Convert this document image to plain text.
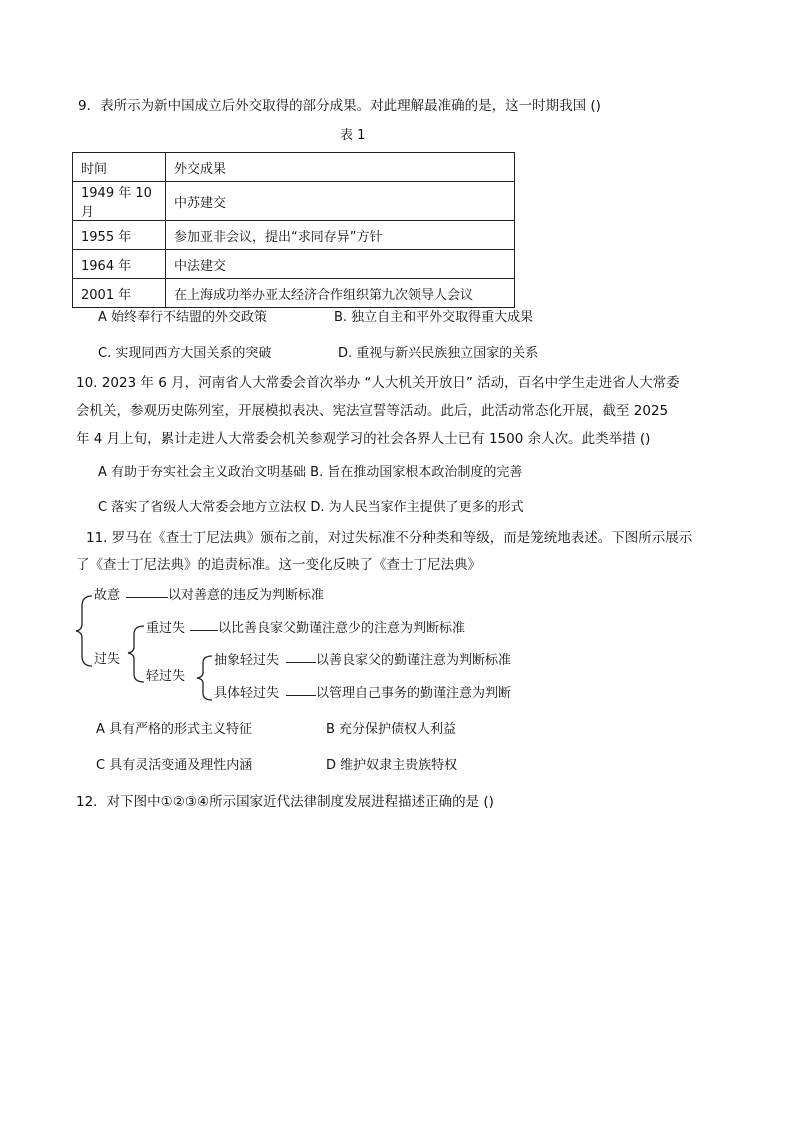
9．表所示为新中国成立后外交取得的部分成果。对此理解最准确的是，这一时期我国 ()
表 1
时间	外交成果
1949 年 10 月	中苏建交
1955 年	参加亚非会议，提出“求同存异”方针
1964 年	中法建交
2001 年	在上海成功举办亚太经济合作组织第九次领导人会议
A 始终奉行不结盟的外交政策	B. 独立自主和平外交取得重大成果
C. 实现同西方大国关系的突破	D. 重视与新兴民族独立国家的关系
10. 2023 年 6 月，河南省人大常委会首次举办 “人大机关开放日” 活动，百名中学生走进省人大常委
会机关，参观历史陈列室，开展模拟表决、宪法宣誓等活动。此后，此活动常态化开展，截至 2025
年 4 月上旬，累计走进人大常委会机关参观学习的社会各界人士已有 1500 余人次。此类举措 ()
A 有助于夯实社会主义政治文明基础 B. 旨在推动国家根本政治制度的完善
C 落实了省级人大常委会地方立法权 D. 为人民当家作主提供了更多的形式
11. 罗马在《查士丁尼法典》颁布之前，对过失标准不分种类和等级，而是笼统地表述。下图所示展示
了《查士丁尼法典》的追责标准。这一变化反映了《查士丁尼法典》
故意	以对善意的违反为判断标准
过失
重过失	以比善良家父勤谨注意少的注意为判断标准
轻过失
抽象轻过失	以善良家父的勤谨注意为判断标准
具体轻过失	以管理自己事务的勤谨注意为判断
A 具有严格的形式主义特征	B 充分保护债权人利益
C 具有灵活变通及理性内涵	D 维护奴隶主贵族特权
12．对下图中①②③④所示国家近代法律制度发展进程描述正确的是 ()
